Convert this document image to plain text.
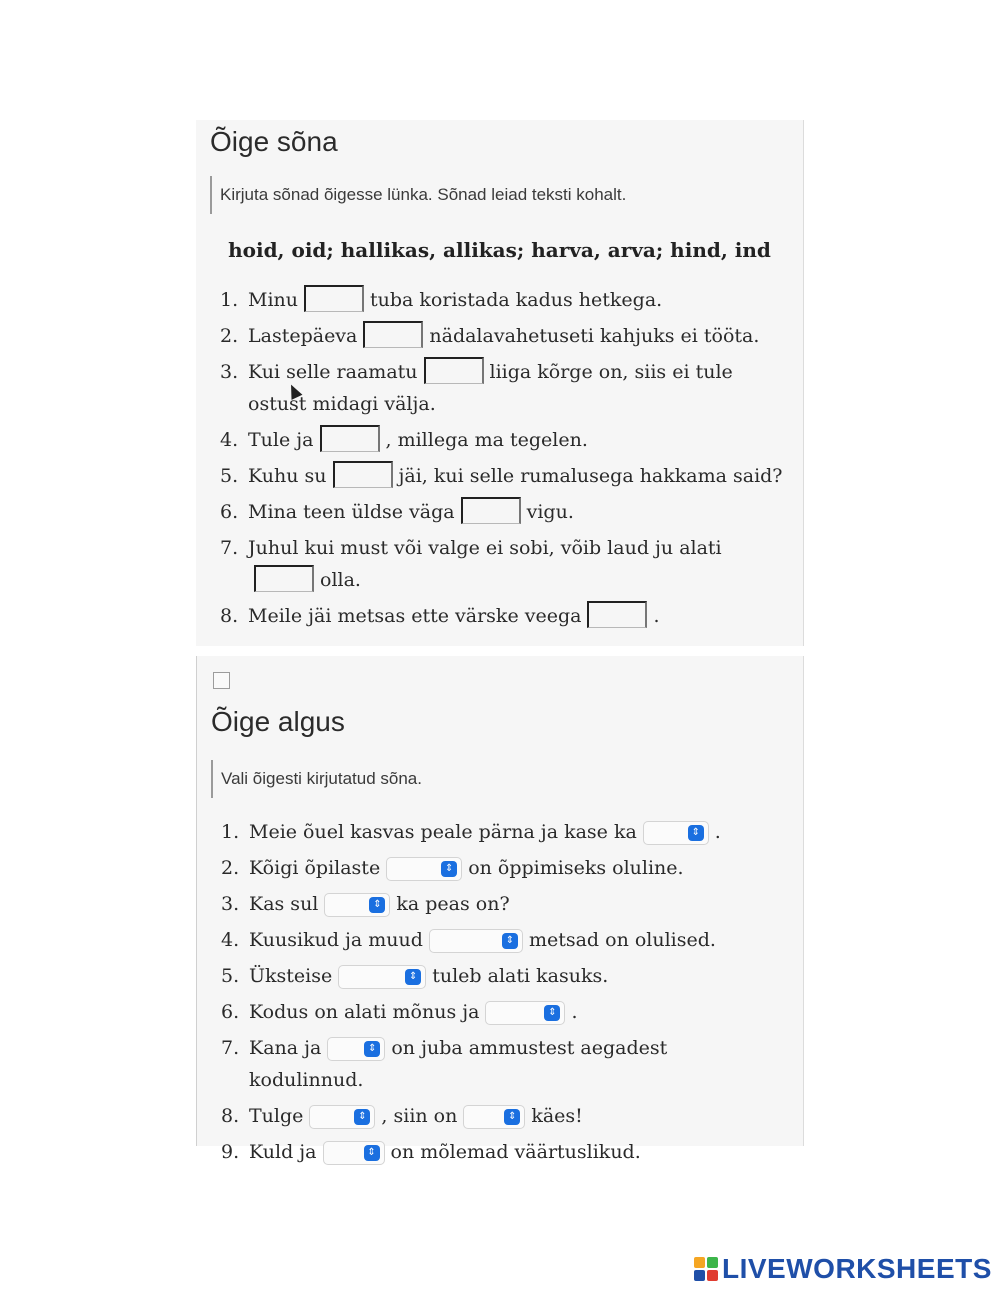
Õige sõna
Kirjuta sõnad õigesse lünka. Sõnad leiad teksti kohalt.
hoid, oid; hallikas, allikas; harva, arva; hind, ind
1. Minu	tuba koristada kadus hetkega.
2. Lastepäeva	nädalavahetuseti kahjuks ei tööta.
3. Kui selle raamatu	liiga kõrge on, siis ei tule ostust midagi välja.
4. Tule ja	, millega ma tegelen.
5. Kuhu su	jäi, kui selle rumalusega hakkama said?
6. Mina teen üldse väga	vigu.
7. Juhul kui must või valge ei sobi, võib laud ju alatiolla.
8. Meile jäi metsas ette värske veega	.
Õige algus
Vali õigesti kirjutatud sõna.
1. Meie õuel kasvas peale pärna ja kase ka	⇕ .
2. Kõigi õpilaste	⇕ on õppimiseks oluline.
3. Kas sul	⇕ ka peas on?
4. Kuusikud ja muud	⇕ metsad on olulised.
5. Üksteise	⇕ tuleb alati kasuks.
6. Kodus on alati mõnus ja	⇕ .
7. Kana ja	⇕ on juba ammustest aegadest kodulinnud.
8. Tulge	⇕ , siin on	⇕ käes!
9. Kuld ja	⇕ on mõlemad väärtuslikud.
LIVEWORKSHEETS
